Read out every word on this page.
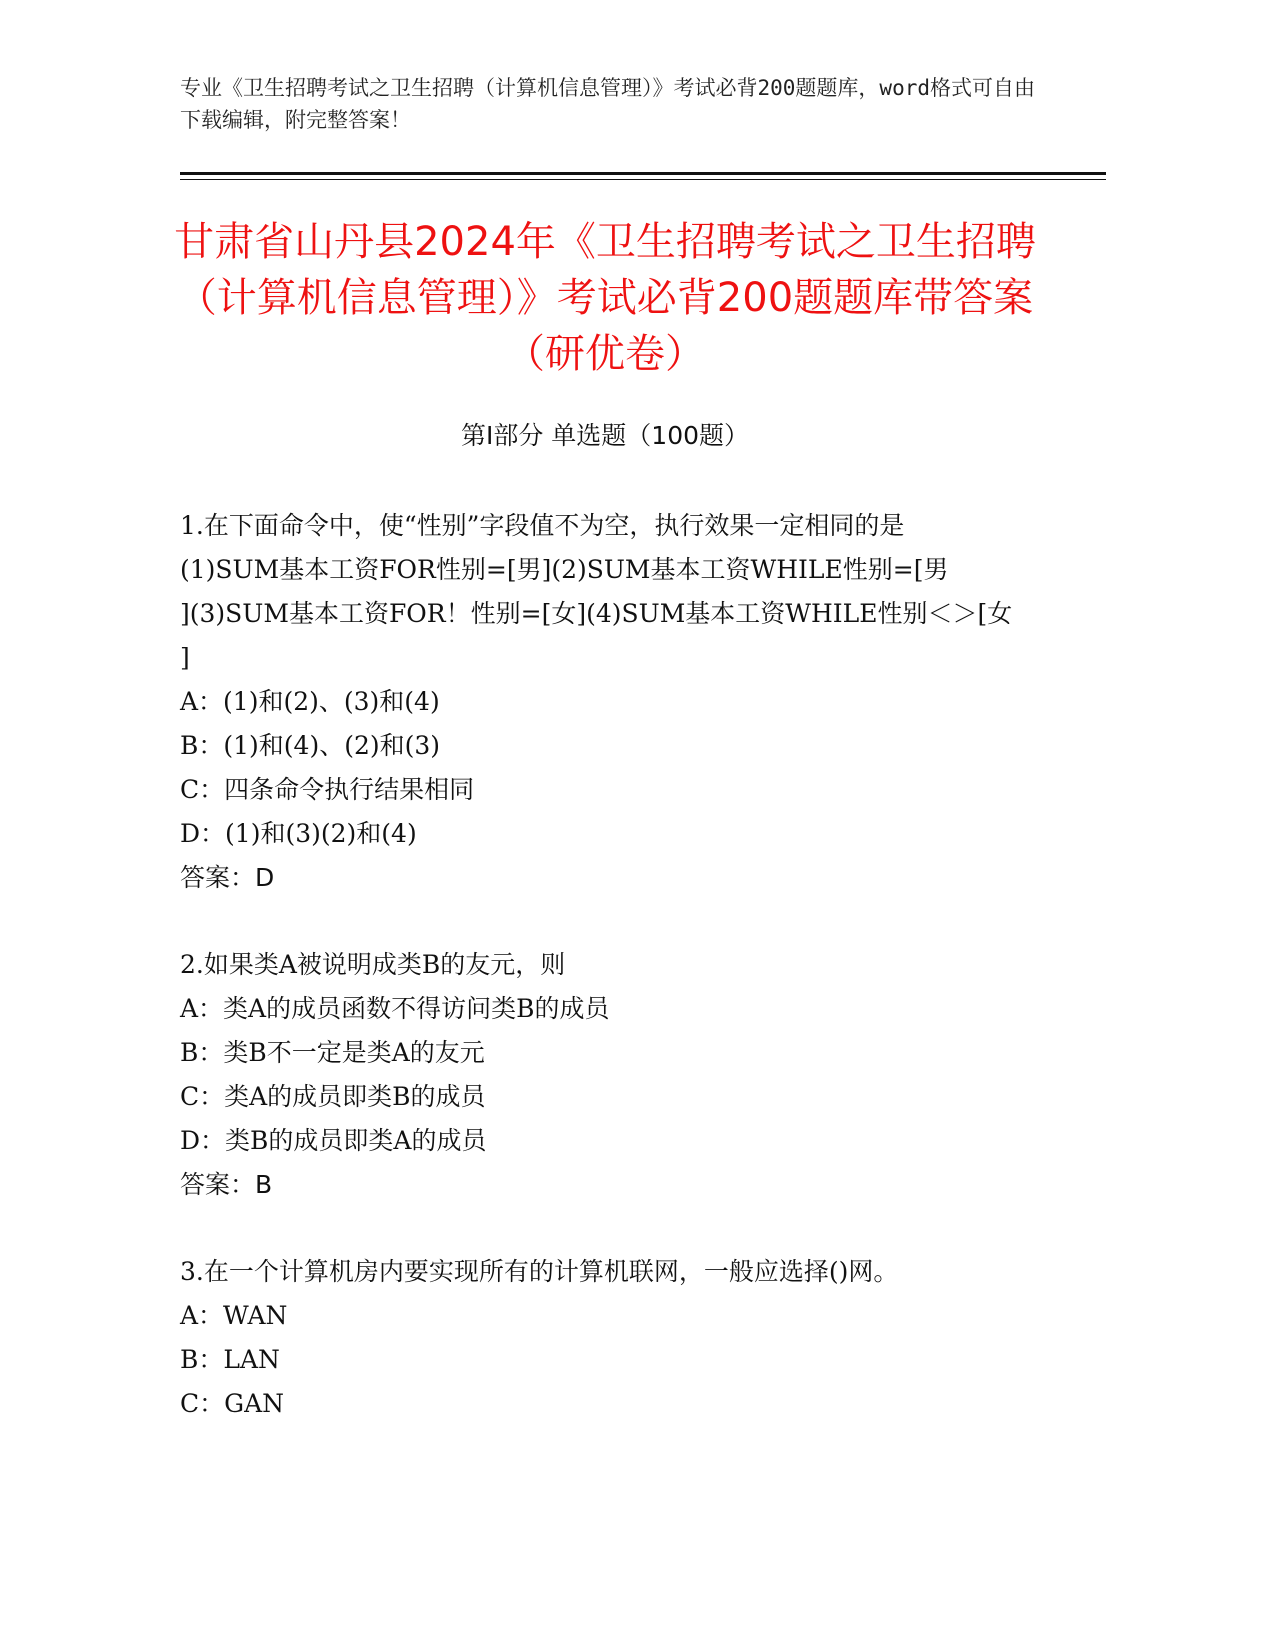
专业《卫生招聘考试之卫生招聘（计算机信息管理）》考试必背200题题库，word格式可自由下载编辑，附完整答案！
甘肃省山丹县2024年《卫生招聘考试之卫生招聘（计算机信息管理）》考试必背200题题库带答案（研优卷）
第Ⅰ部分 单选题（100题）
1.在下面命令中，使“性别”字段值不为空，执行效果一定相同的是
(1)SUM基本工资FOR性别=[男](2)SUM基本工资WHILE性别=[男
](3)SUM基本工资FOR！性别=[女](4)SUM基本工资WHILE性别＜＞[女
]
A：(1)和(2)、(3)和(4)
B：(1)和(4)、(2)和(3)
C：四条命令执行结果相同
D：(1)和(3)(2)和(4)
答案：D
2.如果类A被说明成类B的友元，则
A：类A的成员函数不得访问类B的成员
B：类B不一定是类A的友元
C：类A的成员即类B的成员
D：类B的成员即类A的成员
答案：B
3.在一个计算机房内要实现所有的计算机联网，一般应选择()网。
A：WAN
B：LAN
C：GAN
